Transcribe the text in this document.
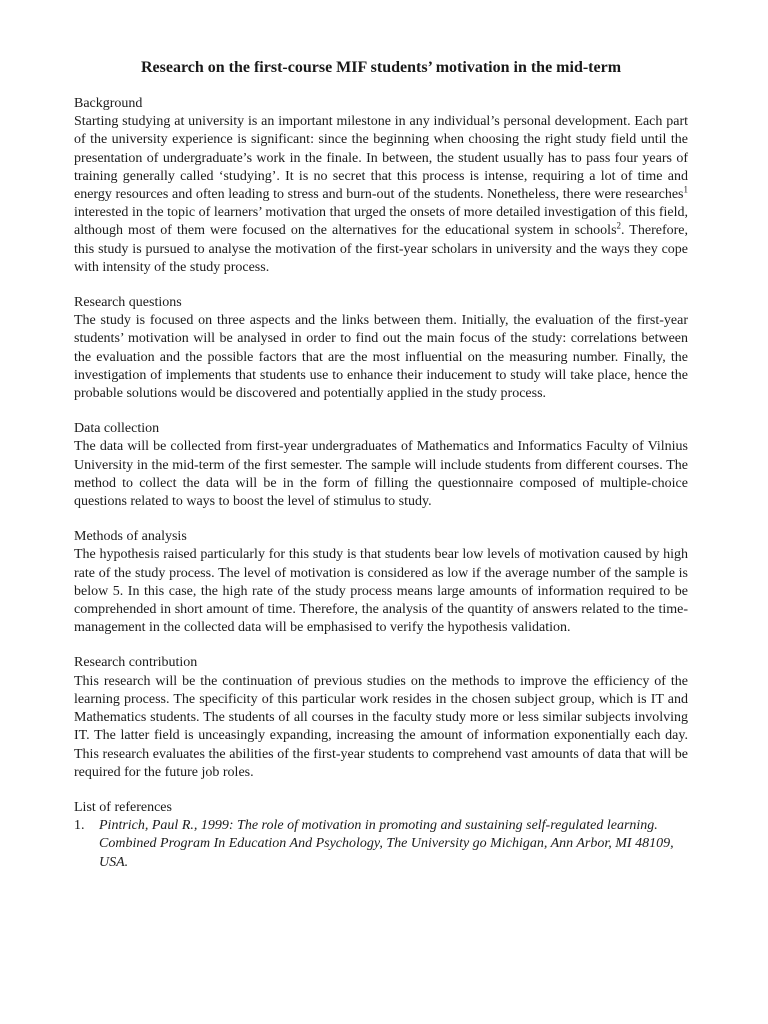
Research on the first-course MIF students’ motivation in the mid-term
Background

Starting studying at university is an important milestone in any individual’s personal development. Each part of the university experience is significant: since the beginning when choosing the right study field until the presentation of undergraduate’s work in the finale. In between, the student usually has to pass four years of training generally called ‘studying’. It is no secret that this process is intense, requiring a lot of time and energy resources and often leading to stress and burn-out of the students. Nonetheless, there were researches$^1$ interested in the topic of learners’ motivation that urged the onsets of more detailed investigation of this field, although most of them were focused on the alternatives for the educational system in schools$^2$. Therefore, this study is pursued to analyse the motivation of the first-year scholars in university and the ways they cope with intensity of the study process.

Research questions

The study is focused on three aspects and the links between them. Initially, the evaluation of the first-year students’ motivation will be analysed in order to find out the main focus of the study: correlations between the evaluation and the possible factors that are the most influential on the measuring number. Finally, the investigation of implements that students use to enhance their inducement to study will take place, hence the probable solutions would be discovered and potentially applied in the study process.

Data collection

The data will be collected from first-year undergraduates of Mathematics and Informatics Faculty of Vilnius University in the mid-term of the first semester. The sample will include students from different courses. The method to collect the data will be in the form of filling the questionnaire composed of multiple-choice questions related to ways to boost the level of stimulus to study.

Methods of analysis

The hypothesis raised particularly for this study is that students bear low levels of motivation caused by high rate of the study process. The level of motivation is considered as low if the average number of the sample is below 5. In this case, the high rate of the study process means large amounts of information required to be comprehended in short amount of time. Therefore, the analysis of the quantity of answers related to the time-management in the collected data will be emphasised to verify the hypothesis validation.

Research contribution

This research will be the continuation of previous studies on the methods to improve the efficiency of the learning process. The specificity of this particular work resides in the chosen subject group, which is IT and Mathematics students. The students of all courses in the faculty study more or less similar subjects involving IT. The latter field is unceasingly expanding, increasing the amount of information exponentially each day. This research evaluates the abilities of the first-year students to comprehend vast amounts of data that will be required for the future job roles.

List of references
1.	Pintrich, Paul R., 1999: The role of motivation in promoting and sustaining self-regulated learning. Combined Program In Education And Psychology, The University go Michigan, Ann Arbor, MI 48109, USA.
